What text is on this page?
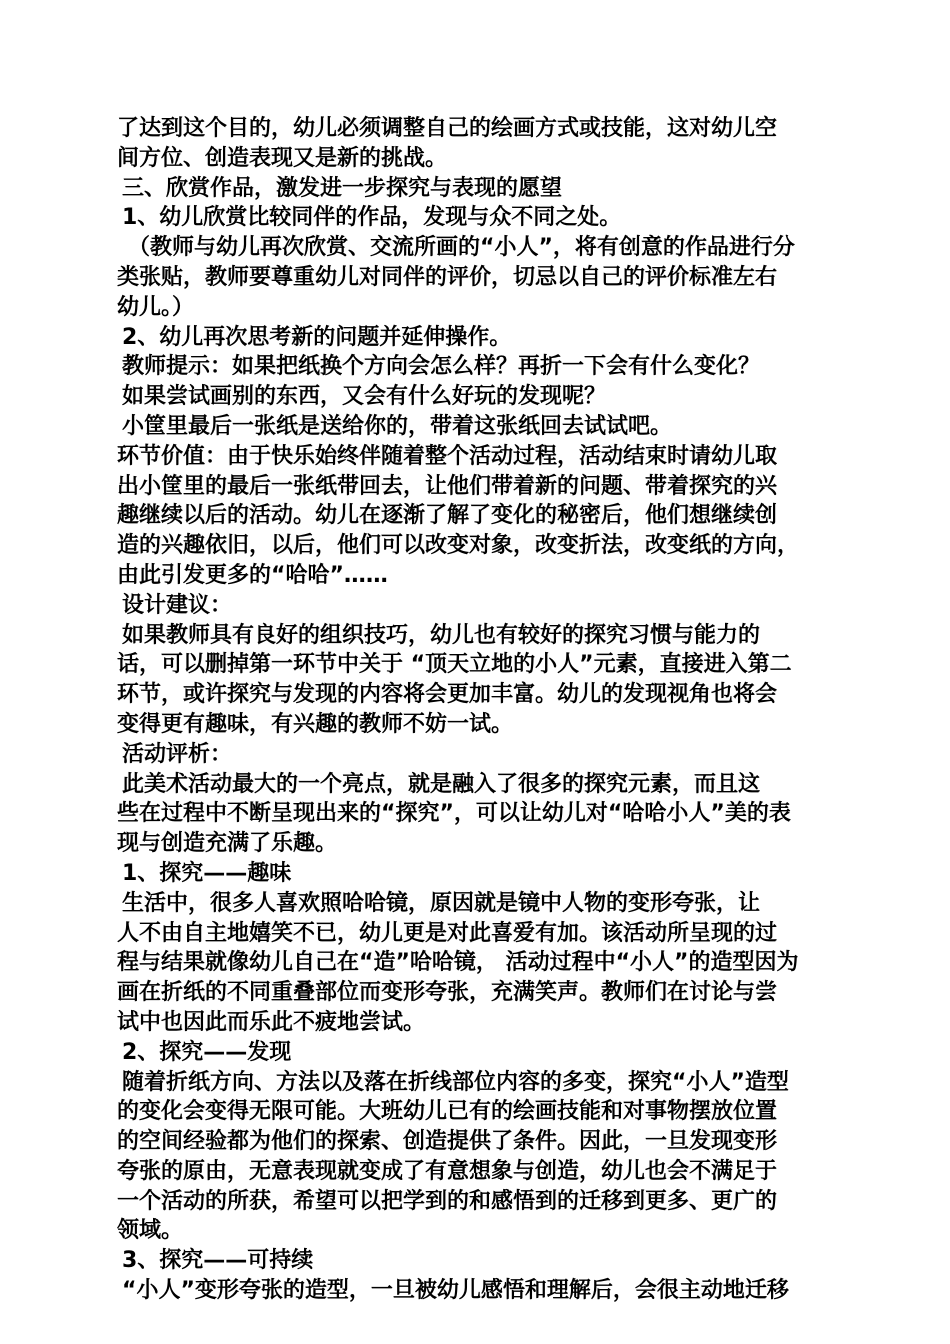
了达到这个目的，幼儿必须调整自己的绘画方式或技能，这对幼儿空
间方位、创造表现又是新的挑战。
三、欣赏作品，激发进一步探究与表现的愿望
1、幼儿欣赏比较同伴的作品，发现与众不同之处。
（教师与幼儿再次欣赏、交流所画的“小人”，将有创意的作品进行分
类张贴，教师要尊重幼儿对同伴的评价，切忌以自己的评价标准左右
幼儿。）
2、幼儿再次思考新的问题并延伸操作。
教师提示：如果把纸换个方向会怎么样？再折一下会有什么变化？
如果尝试画别的东西，又会有什么好玩的发现呢？
小筐里最后一张纸是送给你的，带着这张纸回去试试吧。
环节价值：由于快乐始终伴随着整个活动过程，活动结束时请幼儿取
出小筐里的最后一张纸带回去，让他们带着新的问题、带着探究的兴
趣继续以后的活动。幼儿在逐渐了解了变化的秘密后，他们想继续创
造的兴趣依旧，以后，他们可以改变对象，改变折法，改变纸的方向，
由此引发更多的“哈哈”……
设计建议：
如果教师具有良好的组织技巧，幼儿也有较好的探究习惯与能力的
话，可以删掉第一环节中关于 “顶天立地的小人”元素，直接进入第二
环节，或许探究与发现的内容将会更加丰富。幼儿的发现视角也将会
变得更有趣味，有兴趣的教师不妨一试。
活动评析：
此美术活动最大的一个亮点，就是融入了很多的探究元素，而且这
些在过程中不断呈现出来的“探究”，可以让幼儿对“哈哈小人”美的表
现与创造充满了乐趣。
1、探究——趣味
生活中，很多人喜欢照哈哈镜，原因就是镜中人物的变形夸张，让
人不由自主地嬉笑不已，幼儿更是对此喜爱有加。该活动所呈现的过
程与结果就像幼儿自己在“造”哈哈镜， 活动过程中“小人”的造型因为
画在折纸的不同重叠部位而变形夸张，充满笑声。教师们在讨论与尝
试中也因此而乐此不疲地尝试。
2、探究——发现
随着折纸方向、方法以及落在折线部位内容的多变，探究“小人”造型
的变化会变得无限可能。大班幼儿已有的绘画技能和对事物摆放位置
的空间经验都为他们的探索、创造提供了条件。因此，一旦发现变形
夸张的原由，无意表现就变成了有意想象与创造，幼儿也会不满足于
一个活动的所获，希望可以把学到的和感悟到的迁移到更多、更广的
领域。
3、探究——可持续
“小人”变形夸张的造型，一旦被幼儿感悟和理解后，会很主动地迁移
